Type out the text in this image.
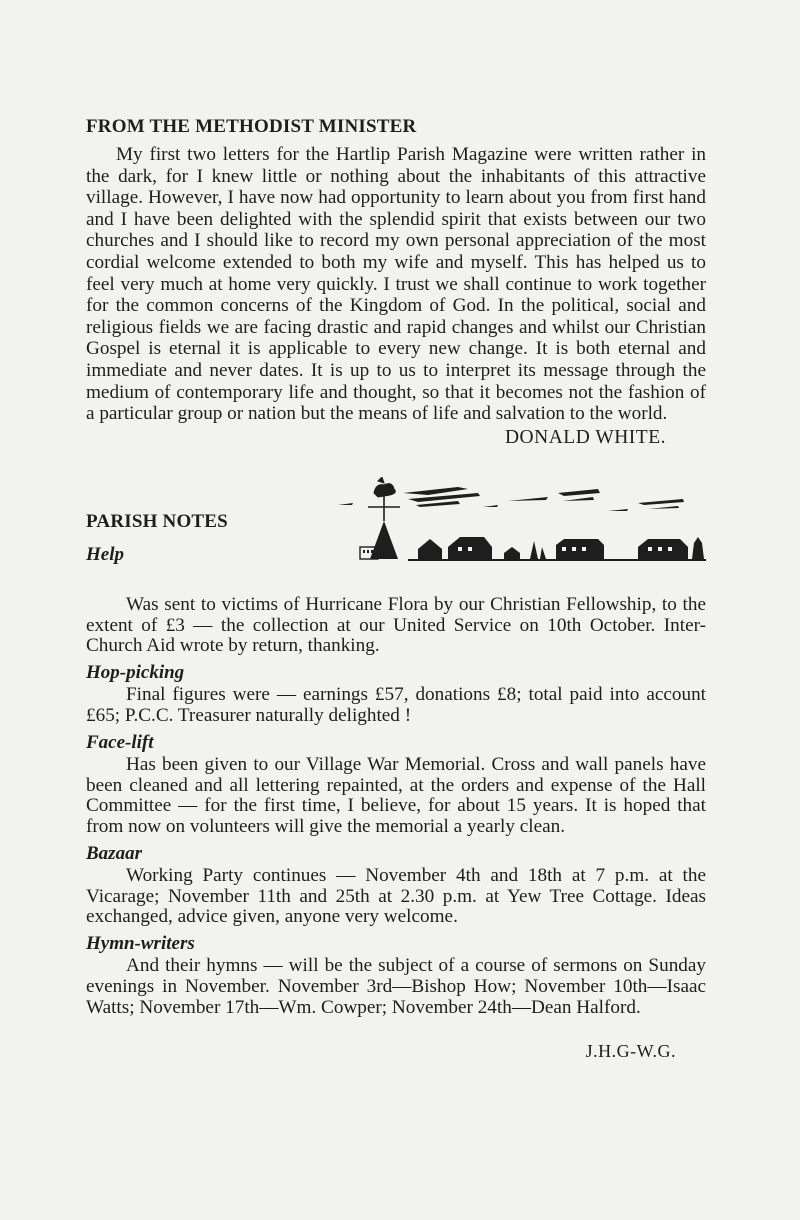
FROM THE METHODIST MINISTER

My first two letters for the Hartlip Parish Magazine were written rather in the dark, for I knew little or nothing about the inhabitants of this attractive village. However, I have now had opportunity to learn about you from first hand and I have been delighted with the splendid spirit that exists between our two churches and I should like to record my own personal appreciation of the most cordial welcome extended to both my wife and myself. This has helped us to feel very much at home very quickly. I trust we shall continue to work together for the common concerns of the Kingdom of God. In the political, social and religious fields we are facing drastic and rapid changes and whilst our Christian Gospel is eternal it is applicable to every new change. It is both eternal and immediate and never dates. It is up to us to interpret its message through the medium of contemporary life and thought, so that it becomes not the fashion of a particular group or nation but the means of life and salvation to the world.

DONALD WHITE.
PARISH NOTES
Help

Was sent to victims of Hurricane Flora by our Christian Fellowship, to the extent of £3 — the collection at our United Service on 10th October. Inter-Church Aid wrote by return, thanking.

Hop-picking

Final figures were — earnings £57, donations £8; total paid into account £65; P.C.C. Treasurer naturally delighted !

Face-lift

Has been given to our Village War Memorial. Cross and wall panels have been cleaned and all lettering repainted, at the orders and expense of the Hall Committee — for the first time, I believe, for about 15 years. It is hoped that from now on volunteers will give the memorial a yearly clean.

Bazaar

Working Party continues — November 4th and 18th at 7 p.m. at the Vicarage; November 11th and 25th at 2.30 p.m. at Yew Tree Cottage. Ideas exchanged, advice given, anyone very welcome.

Hymn-writers

And their hymns — will be the subject of a course of sermons on Sunday evenings in November. November 3rd—Bishop How; November 10th—Isaac Watts; November 17th—Wm. Cowper; November 24th—Dean Halford.

J.H.G-W.G.
